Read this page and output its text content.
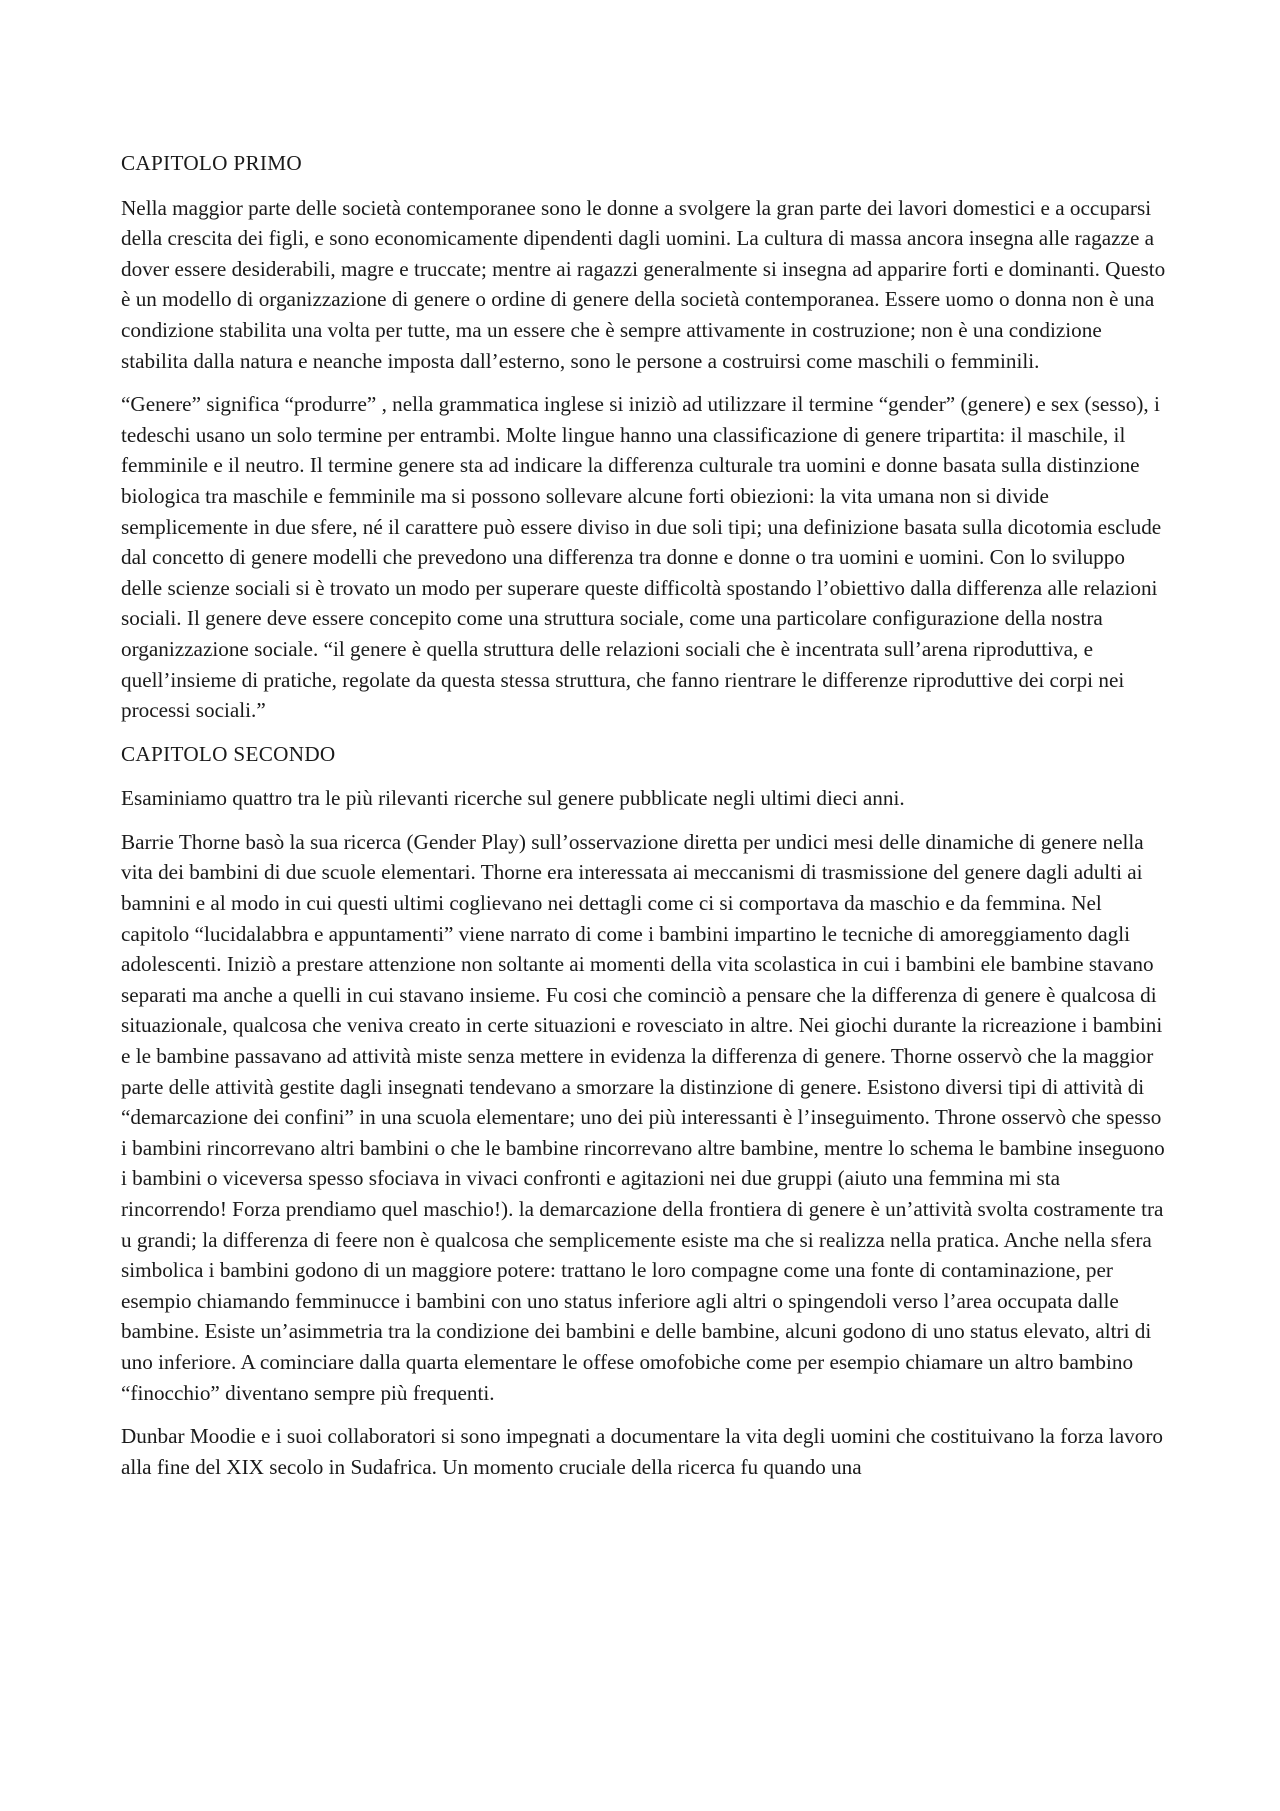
CAPITOLO PRIMO

Nella maggior parte delle società contemporanee sono le donne a svolgere la gran parte dei lavori domestici e a occuparsi della crescita dei figli, e sono economicamente dipendenti dagli uomini. La cultura di massa ancora insegna alle ragazze a dover essere desiderabili, magre e truccate; mentre ai ragazzi generalmente si insegna ad apparire forti e dominanti. Questo è un modello di organizzazione di genere o ordine di genere della società contemporanea. Essere uomo o donna non è una condizione stabilita una volta per tutte, ma un essere che è sempre attivamente in costruzione; non è una condizione stabilita dalla natura e neanche imposta dall’esterno, sono le persone a costruirsi come maschili o femminili.

“Genere” significa “produrre” , nella grammatica inglese si iniziò ad utilizzare il termine “gender” (genere) e sex (sesso), i tedeschi usano un solo termine per entrambi. Molte lingue hanno una classificazione di genere tripartita: il maschile, il femminile e il neutro. Il termine genere sta ad indicare la differenza culturale tra uomini e donne basata sulla distinzione biologica tra maschile e femminile ma si possono sollevare alcune forti obiezioni: la vita umana non si divide semplicemente in due sfere, né il carattere può essere diviso in due soli tipi; una definizione basata sulla dicotomia esclude dal concetto di genere modelli che prevedono una differenza tra donne e donne o tra uomini e uomini. Con lo sviluppo delle scienze sociali si è trovato un modo per superare queste difficoltà spostando l’obiettivo dalla differenza alle relazioni sociali. Il genere deve essere concepito come una struttura sociale, come una particolare configurazione della nostra organizzazione sociale. “il genere è quella struttura delle relazioni sociali che è incentrata sull’arena riproduttiva, e quell’insieme di pratiche, regolate da questa stessa struttura, che fanno rientrare le differenze riproduttive dei corpi nei processi sociali.”

CAPITOLO SECONDO

Esaminiamo quattro tra le più rilevanti ricerche sul genere pubblicate negli ultimi dieci anni.

Barrie Thorne basò la sua ricerca (Gender Play) sull’osservazione diretta per undici mesi delle dinamiche di genere nella vita dei bambini di due scuole elementari. Thorne era interessata ai meccanismi di trasmissione del genere dagli adulti ai bamnini e al modo in cui questi ultimi coglievano nei dettagli come ci si comportava da maschio e da femmina. Nel capitolo “lucidalabbra e appuntamenti” viene narrato di come i bambini impartino le tecniche di amoreggiamento dagli adolescenti. Iniziò a prestare attenzione non soltante ai momenti della vita scolastica in cui i bambini ele bambine stavano separati ma anche a quelli in cui stavano insieme. Fu cosi che cominciò a pensare che la differenza di genere è qualcosa di situazionale, qualcosa che veniva creato in certe situazioni e rovesciato in altre. Nei giochi durante la ricreazione i bambini e le bambine passavano ad attività miste senza mettere in evidenza la differenza di genere. Thorne osservò che la maggior parte delle attività gestite dagli insegnati tendevano a smorzare la distinzione di genere. Esistono diversi tipi di attività di “demarcazione dei confini” in una scuola elementare; uno dei più interessanti è l’inseguimento. Throne osservò che spesso i bambini rincorrevano altri bambini o che le bambine rincorrevano altre bambine, mentre lo schema le bambine inseguono i bambini o viceversa spesso sfociava in vivaci confronti e agitazioni nei due gruppi (aiuto una femmina mi sta rincorrendo! Forza prendiamo quel maschio!). la demarcazione della frontiera di genere è un’attività svolta costramente tra u grandi; la differenza di feere non è qualcosa che semplicemente esiste ma che si realizza nella pratica. Anche nella sfera simbolica i bambini godono di un maggiore potere: trattano le loro compagne come una fonte di contaminazione, per esempio chiamando femminucce i bambini con uno status inferiore agli altri o spingendoli verso l’area occupata dalle bambine. Esiste un’asimmetria tra la condizione dei bambini e delle bambine, alcuni godono di uno status elevato, altri di uno inferiore. A cominciare dalla quarta elementare le offese omofobiche come per esempio chiamare un altro bambino “finocchio” diventano sempre più frequenti.

Dunbar Moodie e i suoi collaboratori si sono impegnati a documentare la vita degli uomini che costituivano la forza lavoro alla fine del XIX secolo in Sudafrica. Un momento cruciale della ricerca fu quando una
